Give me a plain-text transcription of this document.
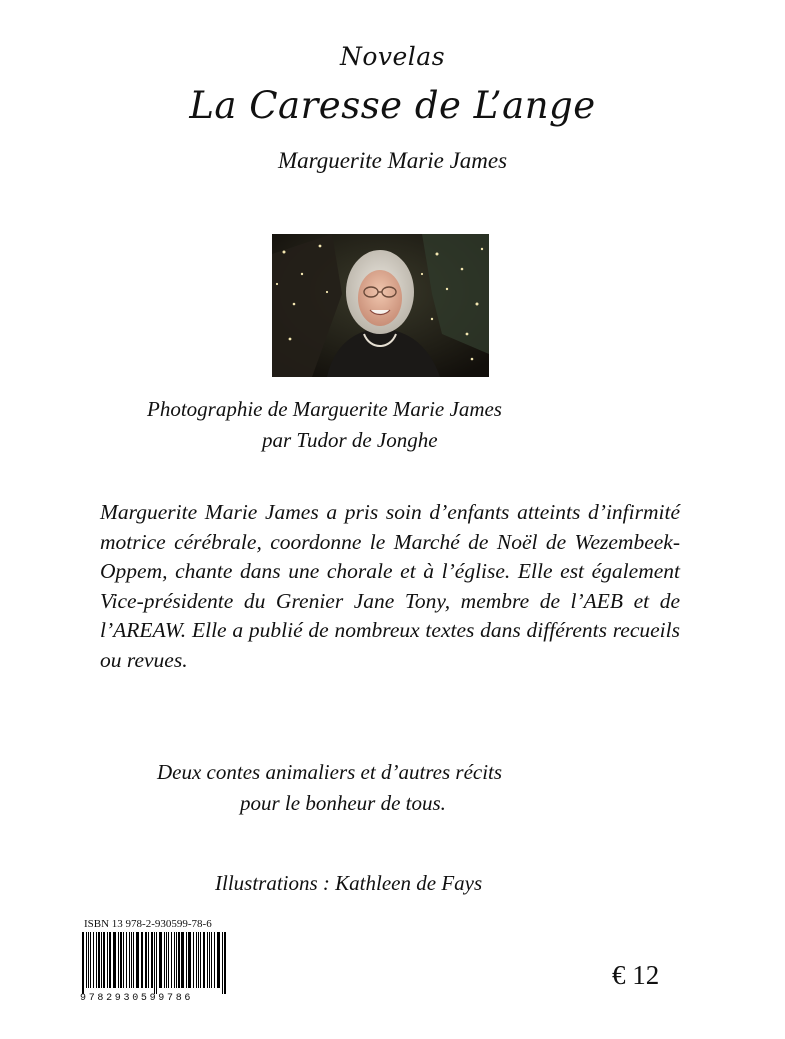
Novelas
La Caresse de L’ange
Marguerite Marie James
Photographie de Marguerite Marie James
par Tudor de Jonghe

Marguerite Marie James a pris soin d’enfants atteints d’infirmité motrice cérébrale, coordonne le Marché de Noël de Wezembeek-Oppem, chante dans une chorale et à l’église. Elle est également Vice-présidente du Grenier Jane Tony, membre de l’AEB et de l’AREAW. Elle a publié de nombreux textes dans différents recueils ou revues.

Deux contes animaliers et d’autres récits
pour le bonheur de tous.
Illustrations : Kathleen de Fays
ISBN 13 978-2-930599-78-6
9782930599786
€ 12
